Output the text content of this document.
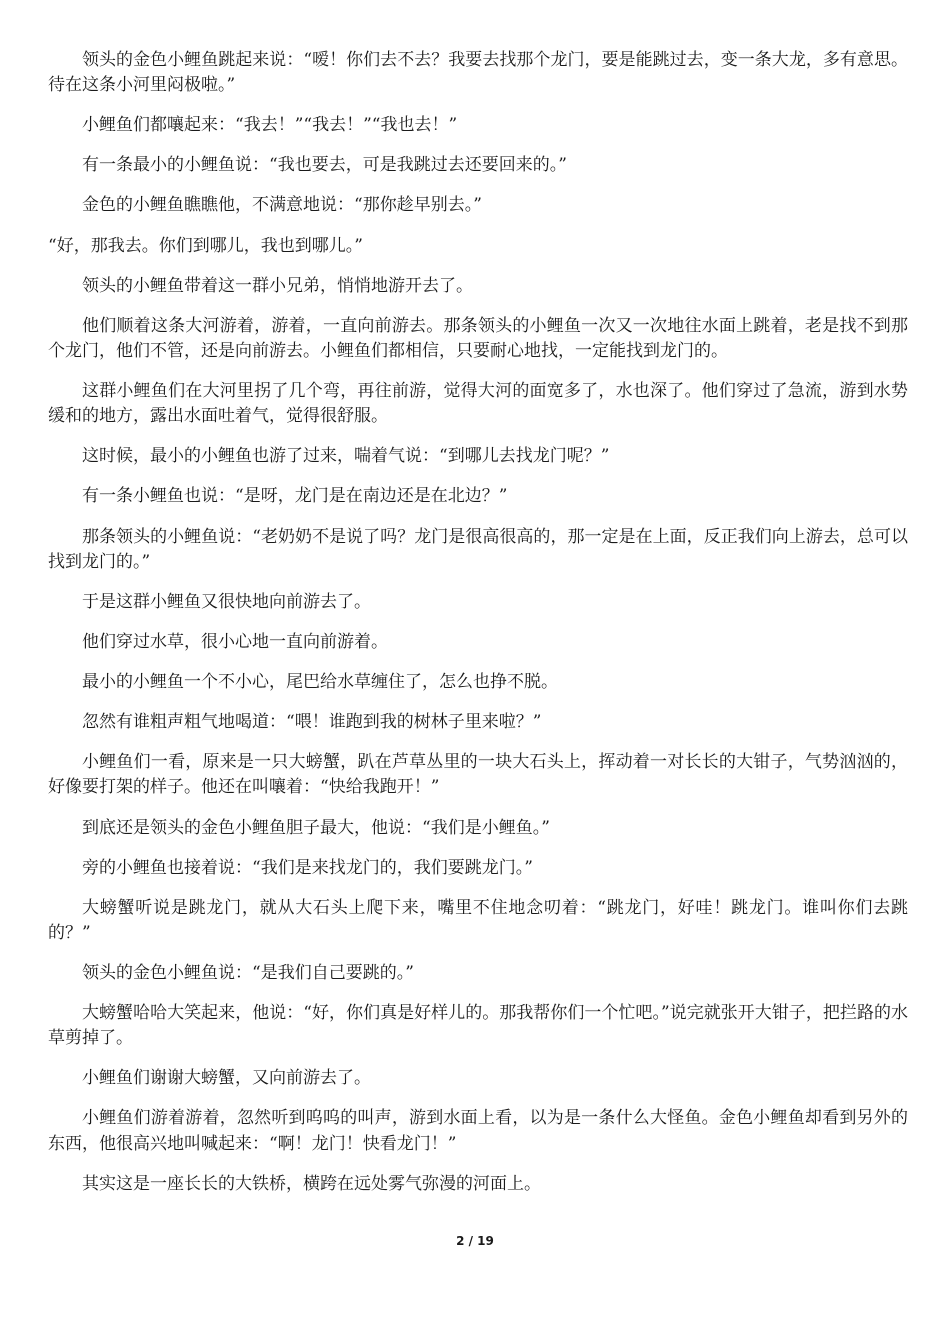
领头的金色小鲤鱼跳起来说：“嗳！你们去不去？我要去找那个龙门，要是能跳过去，变一条大龙，多有意思。待在这条小河里闷极啦。”

小鲤鱼们都嚷起来：“我去！”“我去！”“我也去！”

有一条最小的小鲤鱼说：“我也要去，可是我跳过去还要回来的。”

金色的小鲤鱼瞧瞧他，不满意地说：“那你趁早别去。”

“好，那我去。你们到哪儿，我也到哪儿。”

领头的小鲤鱼带着这一群小兄弟，悄悄地游开去了。

他们顺着这条大河游着，游着，一直向前游去。那条领头的小鲤鱼一次又一次地往水面上跳着，老是找不到那个龙门，他们不管，还是向前游去。小鲤鱼们都相信，只要耐心地找，一定能找到龙门的。

这群小鲤鱼们在大河里拐了几个弯，再往前游，觉得大河的面宽多了，水也深了。他们穿过了急流，游到水势缓和的地方，露出水面吐着气，觉得很舒服。

这时候，最小的小鲤鱼也游了过来，喘着气说：“到哪儿去找龙门呢？”

有一条小鲤鱼也说：“是呀，龙门是在南边还是在北边？”

那条领头的小鲤鱼说：“老奶奶不是说了吗？龙门是很高很高的，那一定是在上面，反正我们向上游去，总可以找到龙门的。”

于是这群小鲤鱼又很快地向前游去了。

他们穿过水草，很小心地一直向前游着。

最小的小鲤鱼一个不小心，尾巴给水草缠住了，怎么也挣不脱。

忽然有谁粗声粗气地喝道：“喂！谁跑到我的树林子里来啦？”

小鲤鱼们一看，原来是一只大螃蟹，趴在芦草丛里的一块大石头上，挥动着一对长长的大钳子，气势汹汹的，好像要打架的样子。他还在叫嚷着：“快给我跑开！”

到底还是领头的金色小鲤鱼胆子最大，他说：“我们是小鲤鱼。”

旁的小鲤鱼也接着说：“我们是来找龙门的，我们要跳龙门。”

大螃蟹听说是跳龙门，就从大石头上爬下来，嘴里不住地念叨着：“跳龙门，好哇！跳龙门。谁叫你们去跳的？”

领头的金色小鲤鱼说：“是我们自己要跳的。”

大螃蟹哈哈大笑起来，他说：“好，你们真是好样儿的。那我帮你们一个忙吧。”说完就张开大钳子，把拦路的水草剪掉了。

小鲤鱼们谢谢大螃蟹，又向前游去了。

小鲤鱼们游着游着，忽然听到呜呜的叫声，游到水面上看，以为是一条什么大怪鱼。金色小鲤鱼却看到另外的东西，他很高兴地叫喊起来：“啊！龙门！快看龙门！”

其实这是一座长长的大铁桥，横跨在远处雾气弥漫的河面上。

2 / 19
